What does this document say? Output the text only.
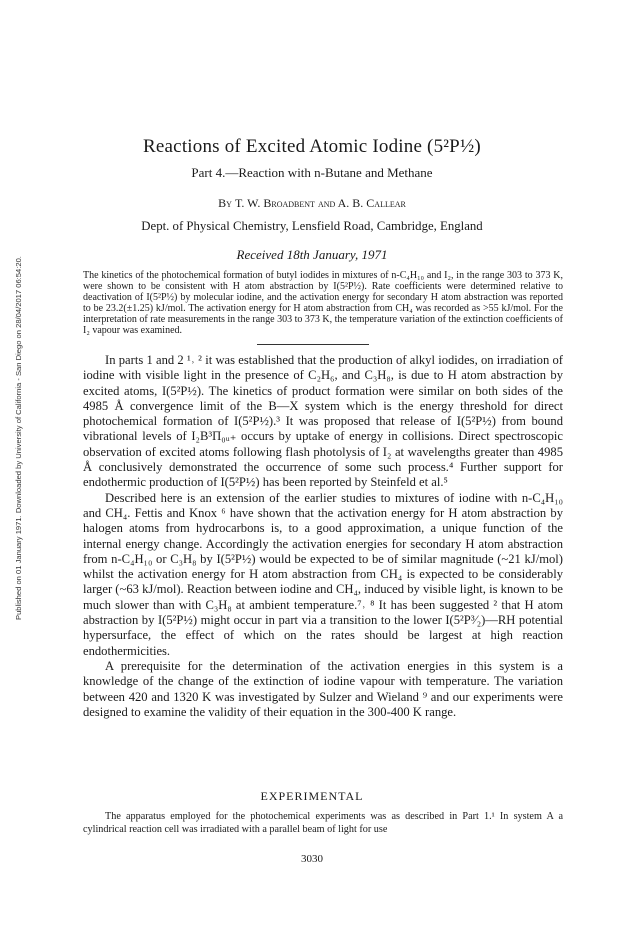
Published on 01 January 1971. Downloaded by University of California - San Diego on 28/04/2017 06:54:20.
Reactions of Excited Atomic Iodine (5²P½)
Part 4.—Reaction with n-Butane and Methane
By T. W. Broadbent and A. B. Callear
Dept. of Physical Chemistry, Lensfield Road, Cambridge, England
Received 18th January, 1971
The kinetics of the photochemical formation of butyl iodides in mixtures of n-C₄H₁₀ and I₂, in the range 303 to 373 K, were shown to be consistent with H atom abstraction by I(5²P½). Rate coefficients were determined relative to deactivation of I(5²P½) by molecular iodine, and the activation energy for secondary H atom abstraction was reported to be 23.2(±1.25) kJ/mol. The activation energy for H atom abstraction from CH₄ was recorded as >55 kJ/mol. For the interpretation of rate measurements in the range 303 to 373 K, the temperature variation of the extinction coefficients of I₂ vapour was examined.

In parts 1 and 2 ¹˒ ² it was established that the production of alkyl iodides, on irradiation of iodine with visible light in the presence of C₂H₆, and C₃H₈, is due to H atom abstraction by excited atoms, I(5²P½). The kinetics of product formation were similar on both sides of the 4985 Å convergence limit of the B—X system which is the energy threshold for direct photochemical formation of I(5²P½).³ It was proposed that release of I(5²P½) from bound vibrational levels of I₂B³Π₀ᵤ₊ occurs by uptake of energy in collisions. Direct spectroscopic observation of excited atoms following flash photolysis of I₂ at wavelengths greater than 4985 Å conclusively demonstrated the occurrence of some such process.⁴ Further support for endothermic production of I(5²P½) has been reported by Steinfeld et al.⁵

Described here is an extension of the earlier studies to mixtures of iodine with n-C₄H₁₀ and CH₄. Fettis and Knox ⁶ have shown that the activation energy for H atom abstraction by halogen atoms from hydrocarbons is, to a good approximation, a unique function of the internal energy change. Accordingly the activation energies for secondary H atom abstraction from n-C₄H₁₀ or C₃H₈ by I(5²P½) would be expected to be of similar magnitude (~21 kJ/mol) whilst the activation energy for H atom abstraction from CH₄ is expected to be considerably larger (~63 kJ/mol). Reaction between iodine and CH₄, induced by visible light, is known to be much slower than with C₃H₈ at ambient temperature.⁷˒ ⁸ It has been suggested ² that H atom abstraction by I(5²P½) might occur in part via a transition to the lower I(5²P³⁄₂)—RH potential hypersurface, the effect of which on the rates should be largest at high reaction endothermicities.

A prerequisite for the determination of the activation energies in this system is a knowledge of the change of the extinction of iodine vapour with temperature. The variation between 420 and 1320 K was investigated by Sulzer and Wieland ⁹ and our experiments were designed to examine the validity of their equation in the 300-400 K range.

EXPERIMENTAL

The apparatus employed for the photochemical experiments was as described in Part 1.¹ In system A a cylindrical reaction cell was irradiated with a parallel beam of light for use

3030
